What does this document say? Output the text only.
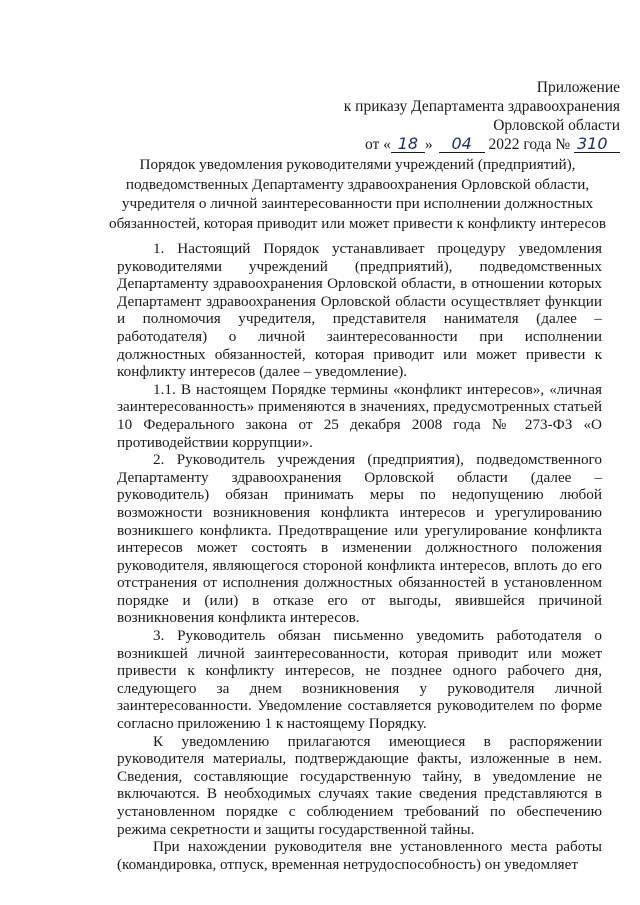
Приложение
к приказу Департамента здравоохранения
Орловской области
от « 18 » 04 2022 года № 310
Порядок уведомления руководителями учреждений (предприятий), подведомственных Департаменту здравоохранения Орловской области, учредителя о личной заинтересованности при исполнении должностных обязанностей, которая приводит или может привести к конфликту интересов

1. Настоящий Порядок устанавливает процедуру уведомления руководителями учреждений (предприятий), подведомственных Департаменту здравоохранения Орловской области, в отношении которых Департамент здравоохранения Орловской области осуществляет функции и полномочия учредителя, представителя нанимателя (далее – работодателя) о личной заинтересованности при исполнении должностных обязанностей, которая приводит или может привести к конфликту интересов (далее – уведомление).

1.1. В настоящем Порядке термины «конфликт интересов», «личная заинтересованность» применяются в значениях, предусмотренных статьей 10 Федерального закона от 25 декабря 2008 года № 273-ФЗ «О противодействии коррупции».

2. Руководитель учреждения (предприятия), подведомственного Департаменту здравоохранения Орловской области (далее – руководитель) обязан принимать меры по недопущению любой возможности возникновения конфликта интересов и урегулированию возникшего конфликта. Предотвращение или урегулирование конфликта интересов может состоять в изменении должностного положения руководителя, являющегося стороной конфликта интересов, вплоть до его отстранения от исполнения должностных обязанностей в установленном порядке и (или) в отказе его от выгоды, явившейся причиной возникновения конфликта интересов.

3. Руководитель обязан письменно уведомить работодателя о возникшей личной заинтересованности, которая приводит или может привести к конфликту интересов, не позднее одного рабочего дня, следующего за днем возникновения у руководителя личной заинтересованности. Уведомление составляется руководителем по форме согласно приложению 1 к настоящему Порядку.

К уведомлению прилагаются имеющиеся в распоряжении руководителя материалы, подтверждающие факты, изложенные в нем. Сведения, составляющие государственную тайну, в уведомление не включаются. В необходимых случаях такие сведения представляются в установленном порядке с соблюдением требований по обеспечению режима секретности и защиты государственной тайны.

При нахождении руководителя вне установленного места работы (командировка, отпуск, временная нетрудоспособность) он уведомляет
